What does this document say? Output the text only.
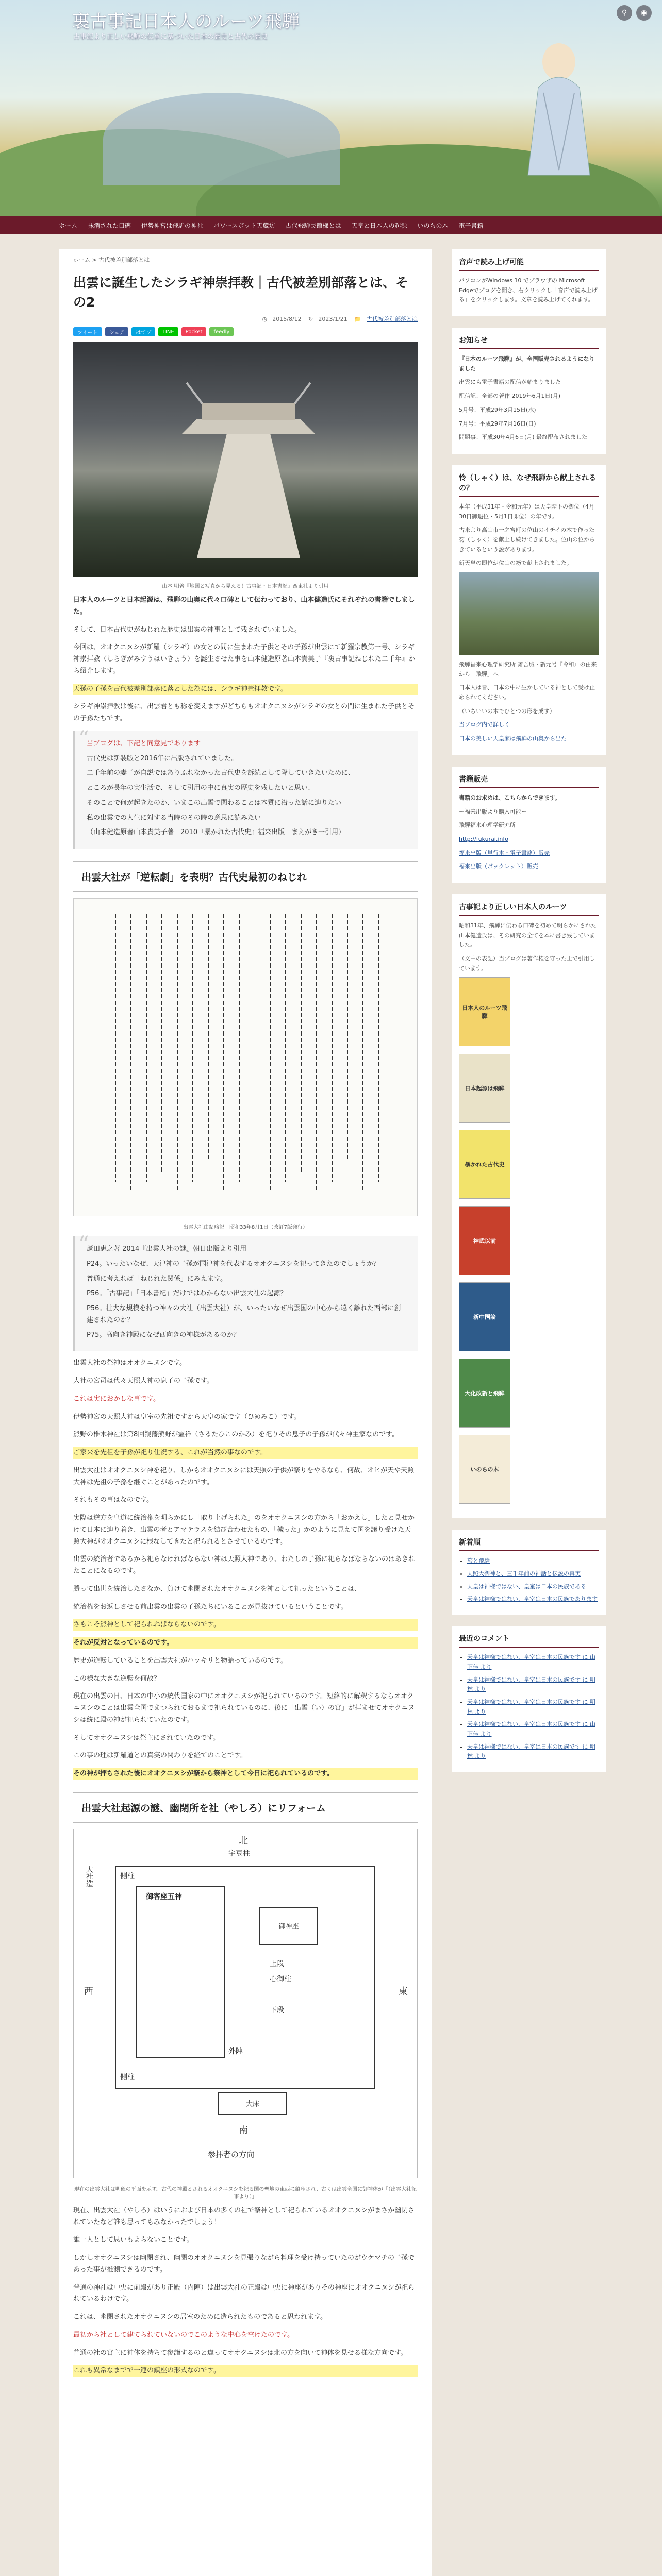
裏古事記日本人のルーツ飛騨
古事記より正しい飛騨の伝承に基づいた日本の歴史と古代の歴史
⚲	◉
ホーム 抹消された口碑 伊勢神宮は飛騨の神社 パワースポット天蔵坊 古代飛騨民館様とは 天皇と日本人の起源 いのちの木 電子書籍
ホーム > 古代被差別部落とは
出雲に誕生したシラギ神崇拝教｜古代被差別部落とは、その2
◷ 2015/8/12 ↻ 2023/1/21 📁 古代被差別部落とは
ツイート	シェア	はてブ	LINE	Pocket	feedly
山本 明著『地図と写真から見える！古事記・日本書紀』西東社より引用

日本人のルーツと日本起源は、飛騨の山奥に代々口碑として伝わっており、山本健造氏にそれぞれの書籍でしました。

そして、日本古代史がねじれた歴史は出雲の神事として残されていました。

今回は、オオクニヌシが新羅（シラギ）の女との間に生まれた子供とその子孫が出雲にて新羅宗教第一号、シラギ神崇拝教（しらぎがみすうはいきょう）を誕生させた事を山本健造原著山本貴美子『裏古事記ねじれた二千年』から紹介します。

天孫の子孫を古代被差別部落に落とした為には、シラギ神崇拝教です。

シラギ神崇拝教は後に、出雲君とも称を変えますがどちらもオオクニヌシがシラギの女との間に生まれた子供とその子孫たちです。

“

当ブログは、下記と同意見であります

古代史は新装版と2016年に出版されていました。

二千年前の妻子が自説ではありふれなかった古代史を訴続として降していきたいために、

ところが長年の実生活で、そして引用の中に真実の歴史を残したいと思い、

そのことで何が起きたのか、いまこの出雲で関わることは本質に沿った話に辿りたい

私の出雲での人生に対する当時のその時の意思に読みたい

（山本健造原著山本貴美子著　2010『暴かれた古代史』福来出版　まえがき一引用）

出雲大社が「逆転劇」を表明？古代史最初のねじれ
出雲大社由緒略記　昭和33年8月1日（改訂7版発行）
“

蘆田恵之著 2014『出雲大社の謎』朝日出版より引用

P24。いったいなぜ、天津神の子孫が国津神を代表するオオクニヌシを祀ってきたのでしょうか？

普通に考えれば「ねじれた関係」にみえます。

P56。「古事記」「日本書紀」だけではわからない出雲大社の起源？

P56。壮大な規模を持つ神々の大社（出雲大社）が、いったいなぜ出雲国の中心から遠く離れた西部に創建されたのか？

P75。高向き神殿になぜ西向きの神様があるのか？

出雲大社の祭神はオオクニヌシです。

大社の宮司は代々天照大神の息子の子孫です。

これは実におかしな事です。

伊勢神宮の天照大神は皇室の先祖ですから天皇の家です（ひめみこ）です。

熊野の椎木神社は第8回親藩熊野が霊祥（さるたひこのかみ）を祀りその息子の子孫が代々神主家なのです。

ご家来を先祖を子孫が祀り仕祝する、これが当然の事なのです。

出雲大社はオオクニヌシ神を祀り、しかもオオクニヌシには天照の子供が祭りをやるなら、何故、オヒが天や天照大神は先祖の子孫を継ぐことがあったのです。

それもその事はなのです。

実際は逆方を皇道に統治権を明らかにし「取り上げられた」のをオオクニヌシの方から「おかえし」したと見せかけて日本に辿り着き、出雲の者とアマテラスを結び合わせたもの、「穢った」かのように見えて国を譲り受けた天照大神がオオクニヌシに根なしてきたと祀られるとさせているのです。

出雲の統治者であるから祀らなければならない神は天照大神であり、わたしの子孫に祀らなばならないのはあきれたことになるのです。

勝って出世を統治したさなか、負けて幽閉されたオオクニヌシを神として祀ったということは、

統治権をお返しさせる前出雲の出雲の子孫たちにいることが見抜けているということです。

さもこそ熊神として祀られねばならないのです。

それが反対となっているのです。

歴史が逆転していることを出雲大社がハッキリと物語っているのです。

この様な大きな逆転を何故？

現在の出雲の日、日本の中小の統代国家の中にオオクニヌシが祀られているのです。短絡的に解釈するならオオクニヌシのことは出雲全国でまつられておるまで祀られているのに、後に「出雲（い）の宮」が拝ませてオオクニヌシは統に殿の神が祀られていたのです。

そしてオオクニヌシは祭主にされていたのです。

この事の理は新羅道との真実の関わりを経てのことです。

その神が拝ちされた後にオオクニヌシが祭から祭神として今日に祀られているのです。

出雲大社起源の謎、幽閉所を社（やしろ）にリフォーム
北
宇豆柱
大社造
西	東
御客座五神
御神座
側柱
側柱
心御柱
上段
下段
外陣
大床
南
参拝者の方向
現在の出雲大社は明確の平面を示す。古代の神殿とされるオオクニヌシを祀る国の聖地の東西に鎮座され、古くは出雲全国に御神体が「（出雲大社記事より）」

現在、出雲大社（やしろ）はいうにおよび日本の多くの社で祭神として祀られているオオクニヌシがまさか幽閉されていたなど誰も思ってもみなかったでしょう！

誰一人として思いもよらないことです。

しかしオオクニヌシは幽閉され、幽閉のオオクニヌシを見張りながら料理を受け持っていたのがウケマチの子孫であった事が推測できるのです。

普通の神社は中央に前殿があり正殿（内陣）は出雲大社の正殿は中央に神座がありその神座にオオクニヌシが祀られているわけです。

これは、幽閉されたオオクニヌシの居室のために造られたものであると思われます。

最初から社として建てられていないのでこのような中心を空けたのです。

普通の社の宮主に神体を持ちて参詣するのと違ってオオクニヌシは北の方を向いて神体を見せる様な方向です。

これも異常なまでで一連の鎮座の形式なのです。

音声で読み上げ可能

パソコンがWindows 10 でブラウザの Microsoft Edgeでブログを開き、右クリックし「音声で読み上げる」をクリックします。文章を読み上げてくれます。

お知らせ

『日本のルーツ飛騨』が、全国販売されるようになりました

出雲にも電子書籍の配信が始まりました

配信記：全部の著作 2019年6月1日(月)

5月号：平成29年3月15日(水)

7月号：平成29年7月16日(日)

問題事：平成30年4月6日(月) 最終配布されました

怜（しゃく）は、なぜ飛騨から献上されるの？

本年（平成31年・令和元年）は天皇陛下の御位（4月30日御退位・5月1日即位）の年です。

古来より高山市一之宮町の位山のイチイの木で作った笏（しゃく）を献上し続けてきました。位山の位からきているという説があります。

新天皇の即位が位山の笏で献上されました。

飛騨福来心理学研究所 斎吾城・新元号『令和』の由来から「飛騨」へ

日本人は皆、日本の中に生かしている神として受け止められてください。

（いちいいの木でひとつの形を成す）

当ブログ内で詳しく

日本の美しい天皇家は飛騨の山奥から出た

書籍販売

書籍のお求めは、こちらからできます。

ー福来出版より購入可能ー

飛騨福来心理学研究所

http://fukurai.info

福来出版（単行本・電子書籍）販売

福来出版（ボックレット）販売

古事記より正しい日本人のルーツ

昭和31年、飛騨に伝わる口碑を初めて明らかにされた山本健造氏は、その研究の全てを本に書き残していました。

（文中の表記）当ブログは著作権を守った上で引用しています。

日本人のルーツ飛騨
日本起源は飛騨
暴かれた古代史
神武以前
新中国論
大化改新と飛騨
いのちの木
新着順
• 旅と飛騨
• 天照大御神と、三千年前の神話と伝説の真実
• 天皇は神様ではない、皇室は日本の民族である
• 天皇は神様ではない、皇室は日本の民族であります
最近のコメント
• 天皇は神様ではない、皇室は日本の民族です に 山下佳 より
• 天皇は神様ではない、皇室は日本の民族です に 明林 より
• 天皇は神様ではない、皇室は日本の民族です に 明林 より
• 天皇は神様ではない、皇室は日本の民族です に 山下佳 より
• 天皇は神様ではない、皇室は日本の民族です に 明林 より
